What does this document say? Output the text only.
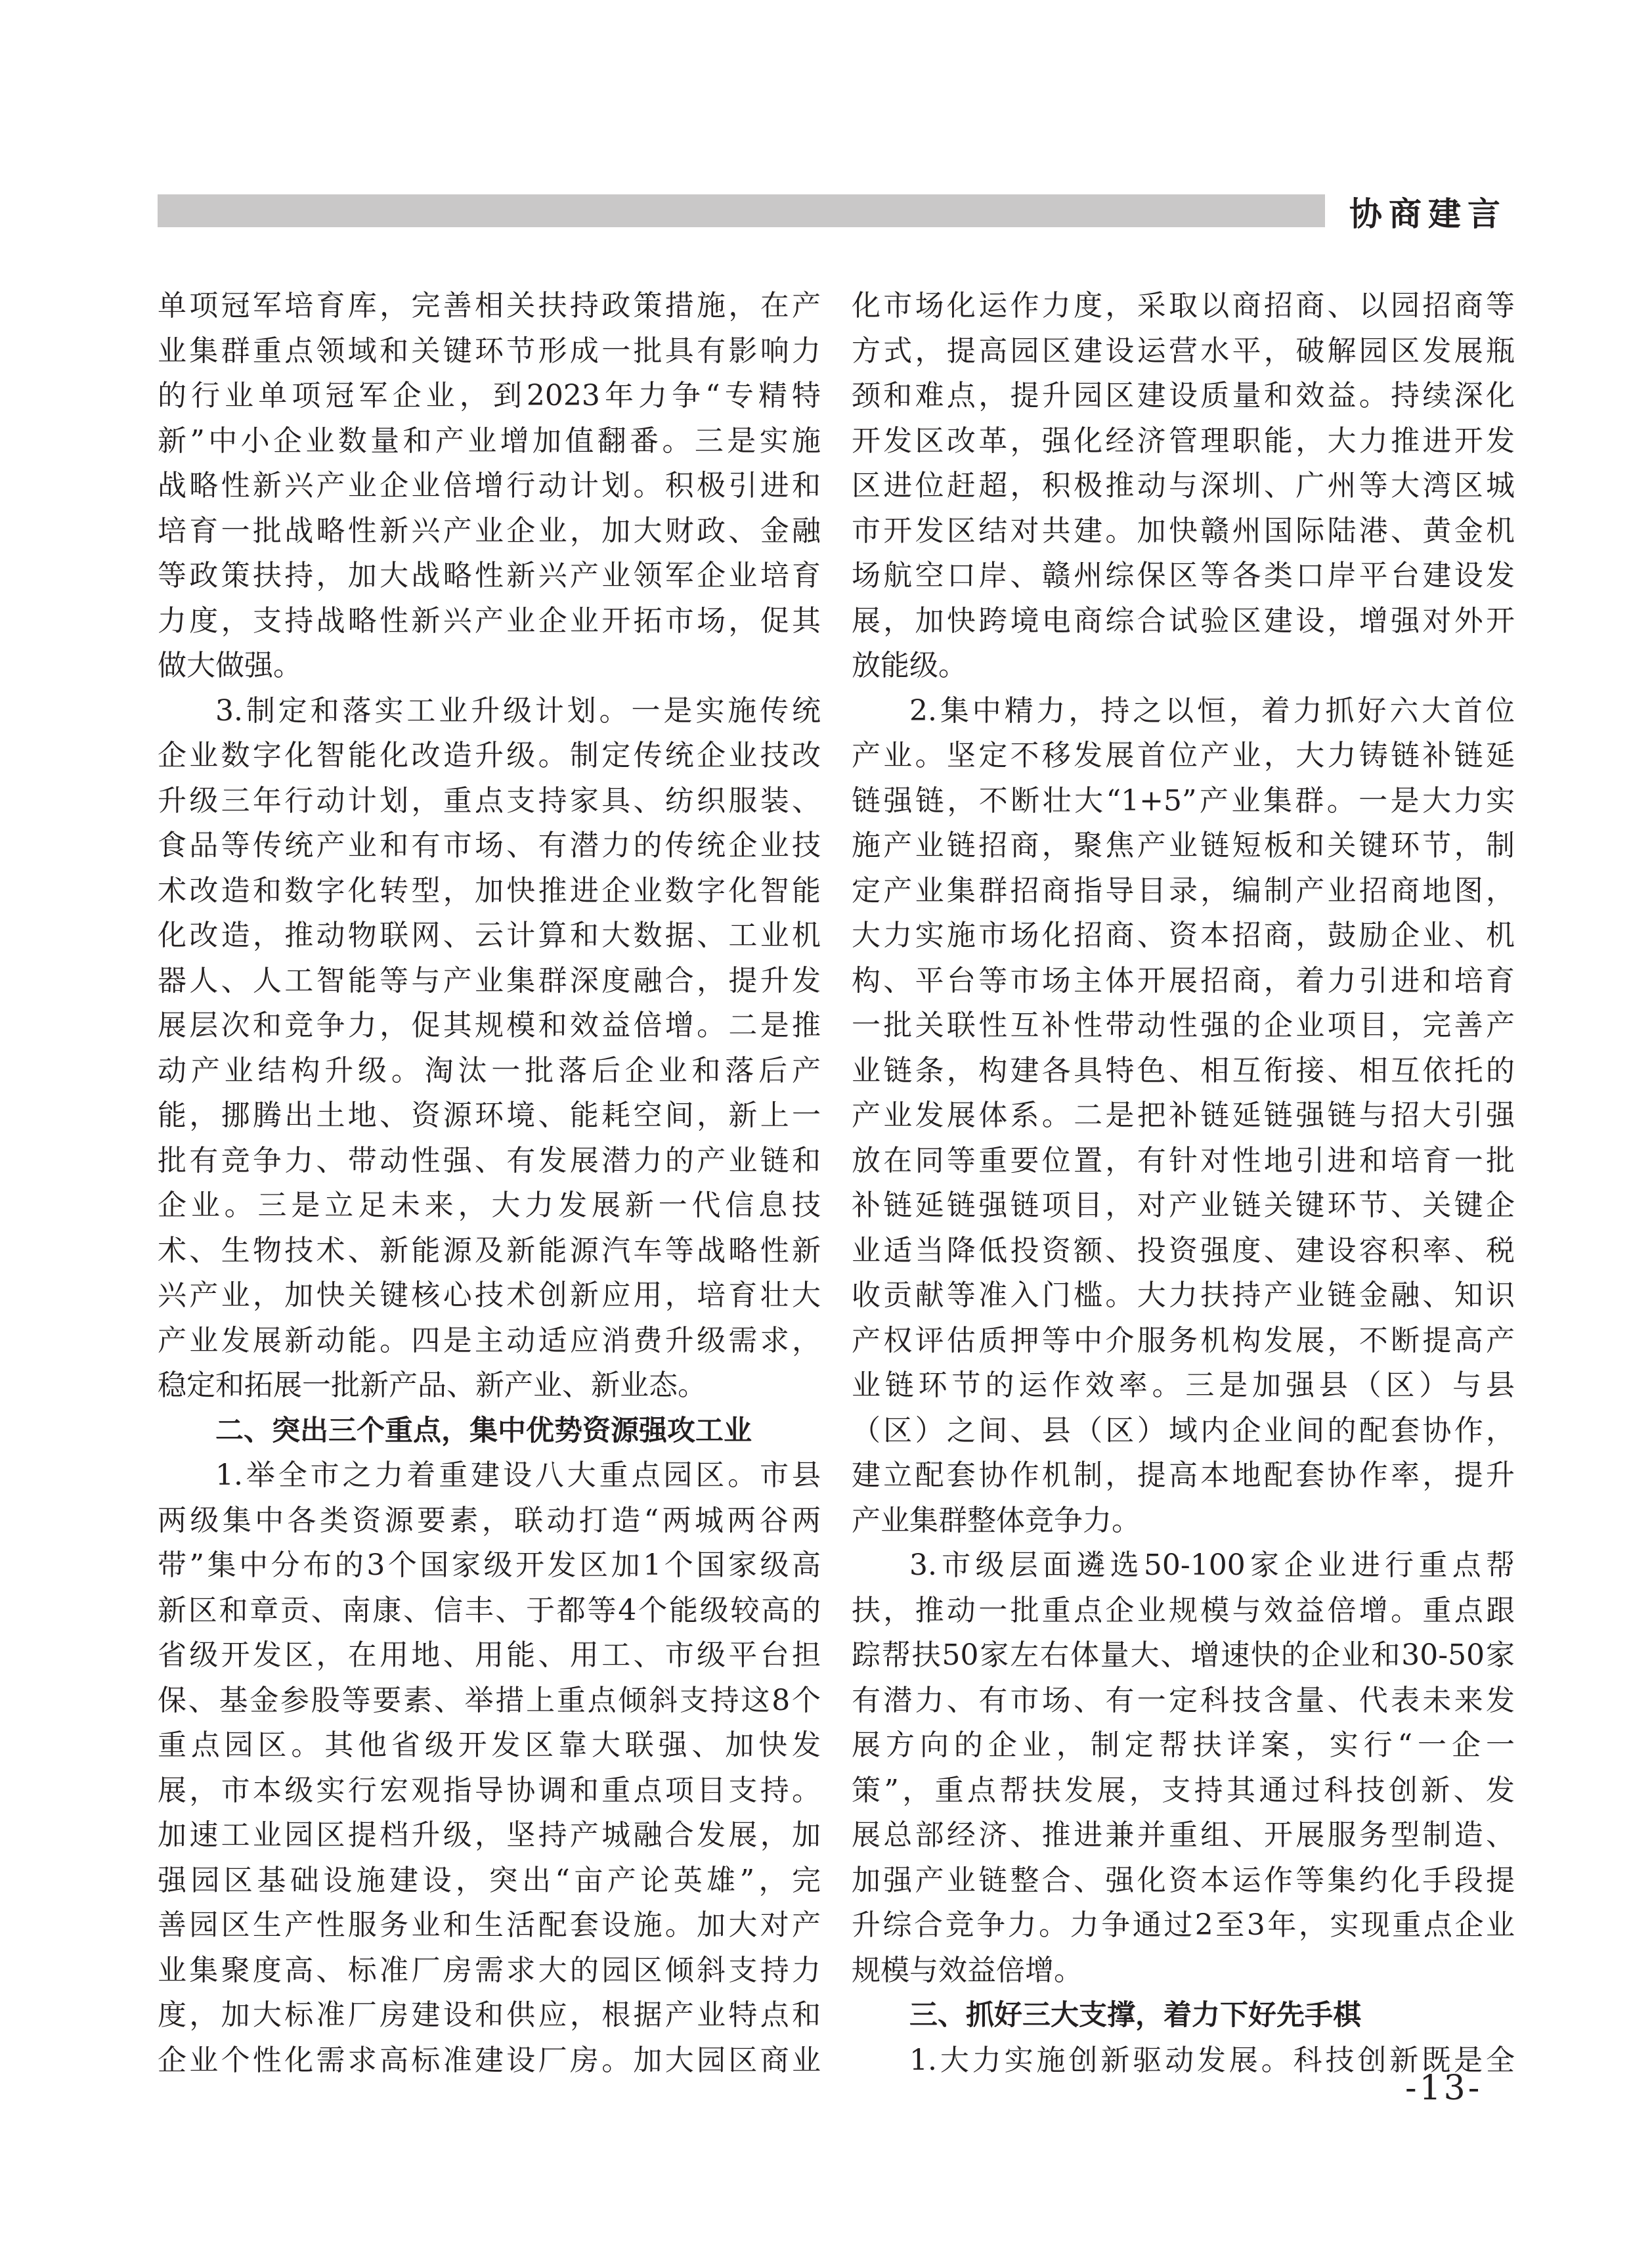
协商建言
单项冠军培育库，完善相关扶持政策措施，在产
业集群重点领域和关键环节形成一批具有影响力
的行业单项冠军企业，到2023年力争“专精特
新”中小企业数量和产业增加值翻番。三是实施
战略性新兴产业企业倍增行动计划。积极引进和
培育一批战略性新兴产业企业，加大财政、金融
等政策扶持，加大战略性新兴产业领军企业培育
力度，支持战略性新兴产业企业开拓市场，促其
做大做强。
3.制定和落实工业升级计划。一是实施传统
企业数字化智能化改造升级。制定传统企业技改
升级三年行动计划，重点支持家具、纺织服装、
食品等传统产业和有市场、有潜力的传统企业技
术改造和数字化转型，加快推进企业数字化智能
化改造，推动物联网、云计算和大数据、工业机
器人、人工智能等与产业集群深度融合，提升发
展层次和竞争力，促其规模和效益倍增。二是推
动产业结构升级。淘汰一批落后企业和落后产
能，挪腾出土地、资源环境、能耗空间，新上一
批有竞争力、带动性强、有发展潜力的产业链和
企业。三是立足未来，大力发展新一代信息技
术、生物技术、新能源及新能源汽车等战略性新
兴产业，加快关键核心技术创新应用，培育壮大
产业发展新动能。四是主动适应消费升级需求，
稳定和拓展一批新产品、新产业、新业态。
二、突出三个重点，集中优势资源强攻工业
1.举全市之力着重建设八大重点园区。市县
两级集中各类资源要素，联动打造“两城两谷两
带”集中分布的3个国家级开发区加1个国家级高
新区和章贡、南康、信丰、于都等4个能级较高的
省级开发区，在用地、用能、用工、市级平台担
保、基金参股等要素、举措上重点倾斜支持这8个
重点园区。其他省级开发区靠大联强、加快发
展，市本级实行宏观指导协调和重点项目支持。
加速工业园区提档升级，坚持产城融合发展，加
强园区基础设施建设，突出“亩产论英雄”，完
善园区生产性服务业和生活配套设施。加大对产
业集聚度高、标准厂房需求大的园区倾斜支持力
度，加大标准厂房建设和供应，根据产业特点和
企业个性化需求高标准建设厂房。加大园区商业
化市场化运作力度，采取以商招商、以园招商等
方式，提高园区建设运营水平，破解园区发展瓶
颈和难点，提升园区建设质量和效益。持续深化
开发区改革，强化经济管理职能，大力推进开发
区进位赶超，积极推动与深圳、广州等大湾区城
市开发区结对共建。加快赣州国际陆港、黄金机
场航空口岸、赣州综保区等各类口岸平台建设发
展，加快跨境电商综合试验区建设，增强对外开
放能级。
2.集中精力，持之以恒，着力抓好六大首位
产业。坚定不移发展首位产业，大力铸链补链延
链强链，不断壮大“1+5”产业集群。一是大力实
施产业链招商，聚焦产业链短板和关键环节，制
定产业集群招商指导目录，编制产业招商地图，
大力实施市场化招商、资本招商，鼓励企业、机
构、平台等市场主体开展招商，着力引进和培育
一批关联性互补性带动性强的企业项目，完善产
业链条，构建各具特色、相互衔接、相互依托的
产业发展体系。二是把补链延链强链与招大引强
放在同等重要位置，有针对性地引进和培育一批
补链延链强链项目，对产业链关键环节、关键企
业适当降低投资额、投资强度、建设容积率、税
收贡献等准入门槛。大力扶持产业链金融、知识
产权评估质押等中介服务机构发展，不断提高产
业链环节的运作效率。三是加强县（区）与县
（区）之间、县（区）域内企业间的配套协作，
建立配套协作机制，提高本地配套协作率，提升
产业集群整体竞争力。
3.市级层面遴选50-100家企业进行重点帮
扶，推动一批重点企业规模与效益倍增。重点跟
踪帮扶50家左右体量大、增速快的企业和30-50家
有潜力、有市场、有一定科技含量、代表未来发
展方向的企业，制定帮扶详案，实行“一企一
策”，重点帮扶发展，支持其通过科技创新、发
展总部经济、推进兼并重组、开展服务型制造、
加强产业链整合、强化资本运作等集约化手段提
升综合竞争力。力争通过2至3年，实现重点企业
规模与效益倍增。
三、抓好三大支撑，着力下好先手棋
1.大力实施创新驱动发展。科技创新既是全
-13-
